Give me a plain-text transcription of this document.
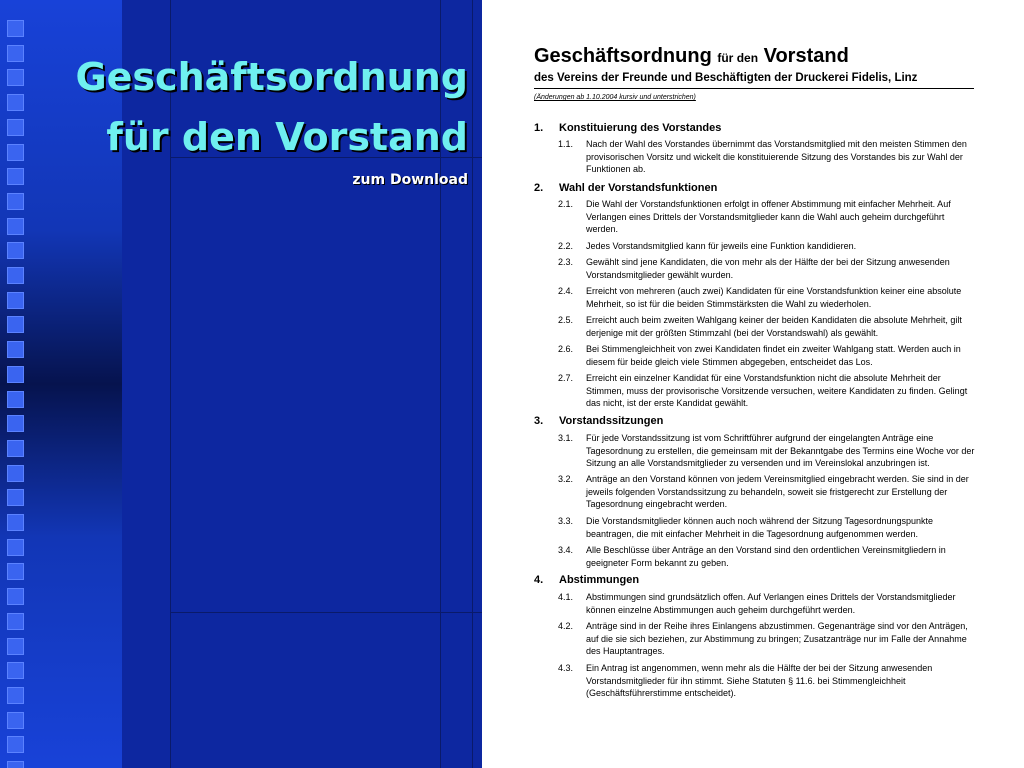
Geschäftsordnung
für den Vorstand
zum Download
Geschäftsordnung für den Vorstand
des Vereins der Freunde und Beschäftigten der Druckerei Fidelis, Linz
(Änderungen ab 1.10.2004 kursiv und unterstrichen)
1. Konstituierung des Vorstandes
1.1. Nach der Wahl des Vorstandes übernimmt das Vorstandsmitglied mit den meisten Stimmen den provisorischen Vorsitz und wickelt die konstituierende Sitzung des Vorstandes bis zur Wahl der Funktionen ab.
2. Wahl der Vorstandsfunktionen
2.1. Die Wahl der Vorstandsfunktionen erfolgt in offener Abstimmung mit einfacher Mehrheit. Auf Verlangen eines Drittels der Vorstandsmitglieder kann die Wahl auch geheim durchgeführt werden.
2.2. Jedes Vorstandsmitglied kann für jeweils eine Funktion kandidieren.
2.3. Gewählt sind jene Kandidaten, die von mehr als der Hälfte der bei der Sitzung anwesenden Vorstandsmitglieder gewählt wurden.
2.4. Erreicht von mehreren (auch zwei) Kandidaten für eine Vorstandsfunktion keiner eine absolute Mehrheit, so ist für die beiden Stimmstärksten die Wahl zu wiederholen.
2.5. Erreicht auch beim zweiten Wahlgang keiner der beiden Kandidaten die absolute Mehrheit, gilt derjenige mit der größten Stimmzahl (bei der Vorstandswahl) als gewählt.
2.6. Bei Stimmengleichheit von zwei Kandidaten findet ein zweiter Wahlgang statt. Werden auch in diesem für beide gleich viele Stimmen abgegeben, entscheidet das Los.
2.7. Erreicht ein einzelner Kandidat für eine Vorstandsfunktion nicht die absolute Mehrheit der Stimmen, muss der provisorische Vorsitzende versuchen, weitere Kandidaten zu finden. Gelingt das nicht, ist der erste Kandidat gewählt.
3. Vorstandssitzungen
3.1. Für jede Vorstandssitzung ist vom Schriftführer aufgrund der eingelangten Anträge eine Tagesordnung zu erstellen, die gemeinsam mit der Bekanntgabe des Termins eine Woche vor der Sitzung an alle Vorstandsmitglieder zu versenden und im Vereinslokal anzubringen ist.
3.2. Anträge an den Vorstand können von jedem Vereinsmitglied eingebracht werden. Sie sind in der jeweils folgenden Vorstandssitzung zu behandeln, soweit sie fristgerecht zur Erstellung der Tagesordnung eingebracht werden.
3.3. Die Vorstandsmitglieder können auch noch während der Sitzung Tagesordnungspunkte beantragen, die mit einfacher Mehrheit in die Tagesordnung aufgenommen werden.
3.4. Alle Beschlüsse über Anträge an den Vorstand sind den ordentlichen Vereinsmitgliedern in geeigneter Form bekannt zu geben.
4. Abstimmungen
4.1. Abstimmungen sind grundsätzlich offen. Auf Verlangen eines Drittels der Vorstandsmitglieder können einzelne Abstimmungen auch geheim durchgeführt werden.
4.2. Anträge sind in der Reihe ihres Einlangens abzustimmen. Gegenanträge sind vor den Anträgen, auf die sie sich beziehen, zur Abstimmung zu bringen; Zusatzanträge nur im Falle der Annahme des Hauptantrages.
4.3. Ein Antrag ist angenommen, wenn mehr als die Hälfte der bei der Sitzung anwesenden Vorstandsmitglieder für ihn stimmt. Siehe Statuten § 11.6. bei Stimmengleichheit (Geschäftsführerstimme entscheidet).
